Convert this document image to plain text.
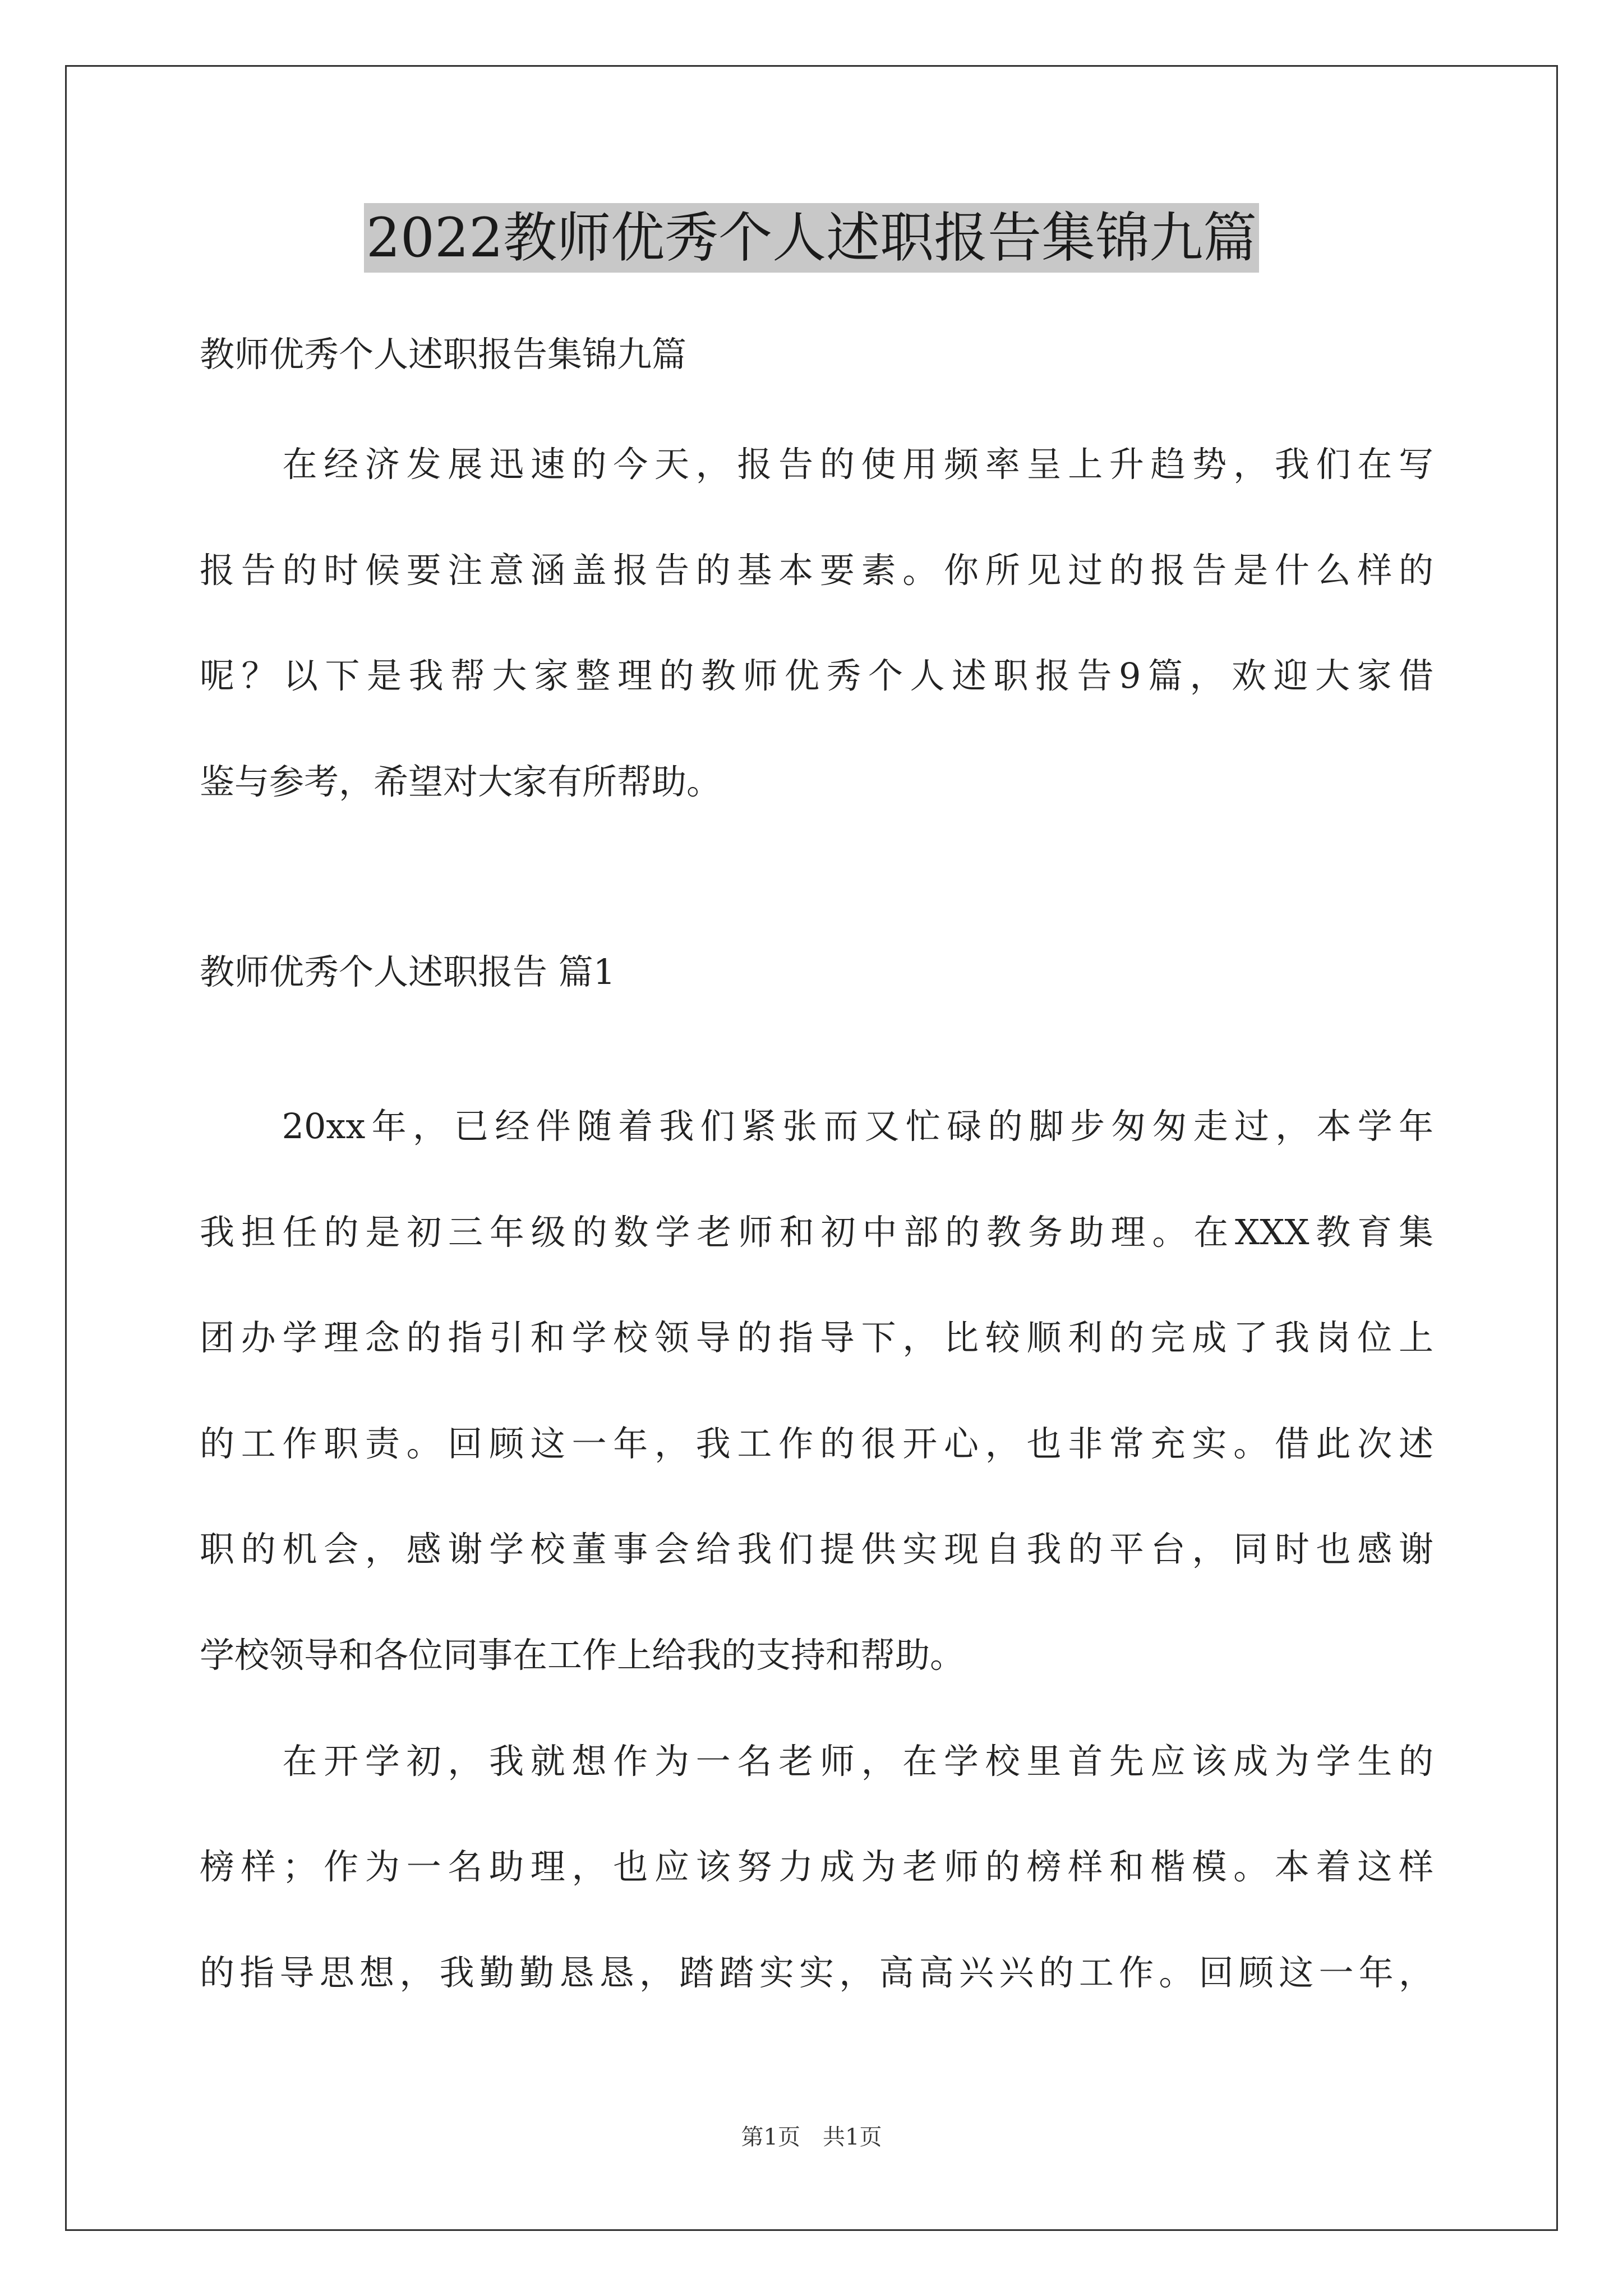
2022教师优秀个人述职报告集锦九篇
教师优秀个人述职报告集锦九篇
　　在经济发展迅速的今天，报告的使用频率呈上升趋势，我们在写
报告的时候要注意涵盖报告的基本要素。你所见过的报告是什么样的
呢？以下是我帮大家整理的教师优秀个人述职报告9篇，欢迎大家借
鉴与参考，希望对大家有所帮助。
教师优秀个人述职报告 篇1
　　20xx年，已经伴随着我们紧张而又忙碌的脚步匆匆走过，本学年
我担任的是初三年级的数学老师和初中部的教务助理。在XXX教育集
团办学理念的指引和学校领导的指导下，比较顺利的完成了我岗位上
的工作职责。回顾这一年，我工作的很开心，也非常充实。借此次述
职的机会，感谢学校董事会给我们提供实现自我的平台，同时也感谢
学校领导和各位同事在工作上给我的支持和帮助。
　　在开学初，我就想作为一名老师，在学校里首先应该成为学生的
榜样；作为一名助理，也应该努力成为老师的榜样和楷模。本着这样
的指导思想，我勤勤恳恳，踏踏实实，高高兴兴的工作。回顾这一年，
第1页　共1页
